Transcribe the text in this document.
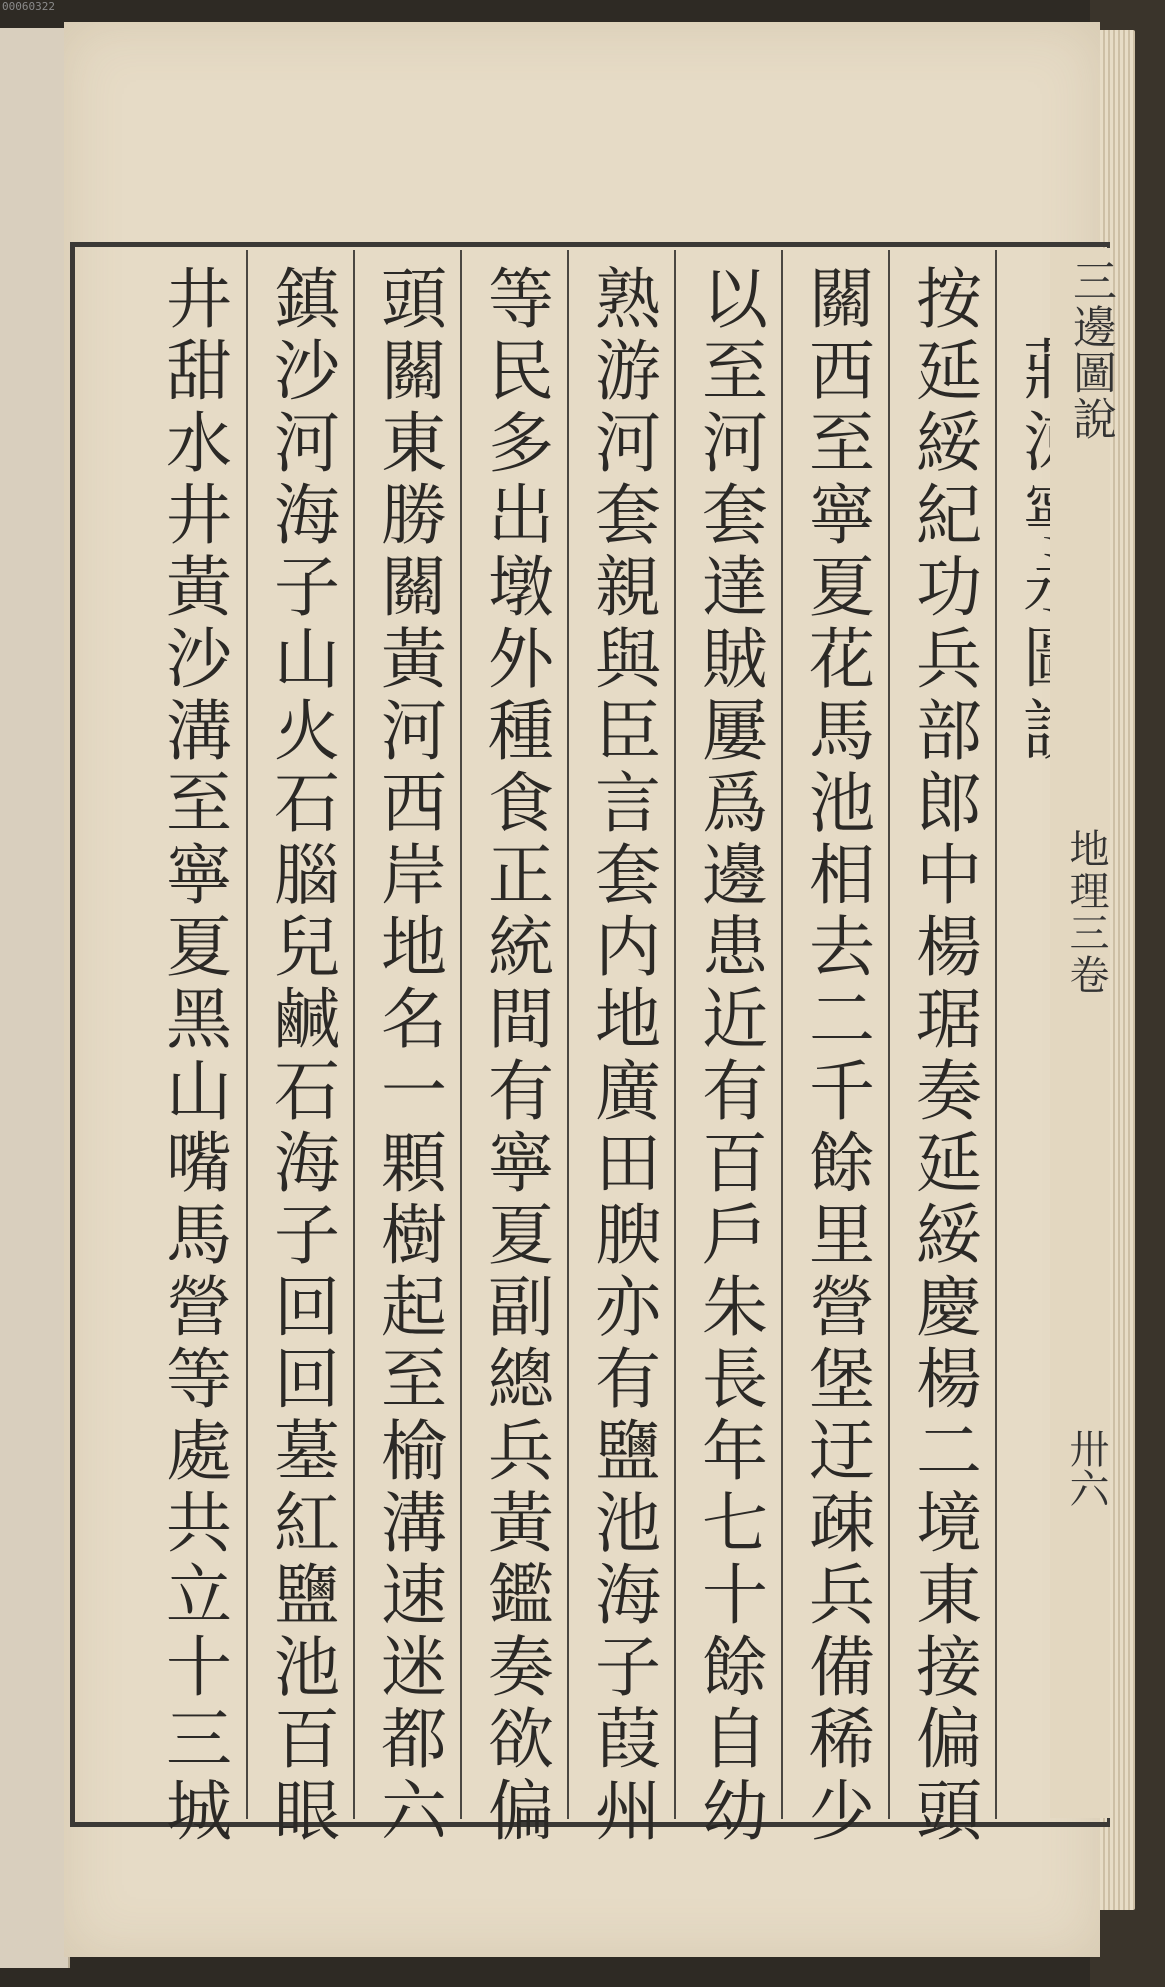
00060322
按延綏紀功兵部郎中楊琚奏延綏慶楊二境東接偏頭
關西至寧夏花馬池相去二千餘里營堡迂疎兵備稀少
以至河套達賊屢爲邊患近有百戶朱長年七十餘自幼
熟游河套親與臣言套内地廣田腴亦有鹽池海子葭州
等民多出墩外種食正統間有寧夏副總兵黃鑑奏欲偏
頭關東勝關黃河西岸地名一顆樹起至榆溝速迷都六
鎮沙河海子山火石腦兒鹹石海子回回墓紅鹽池百眼
井甜水井黃沙溝至寧夏黑山嘴馬營等處共立十三城	三邊圖說
地理三卷
卅六
